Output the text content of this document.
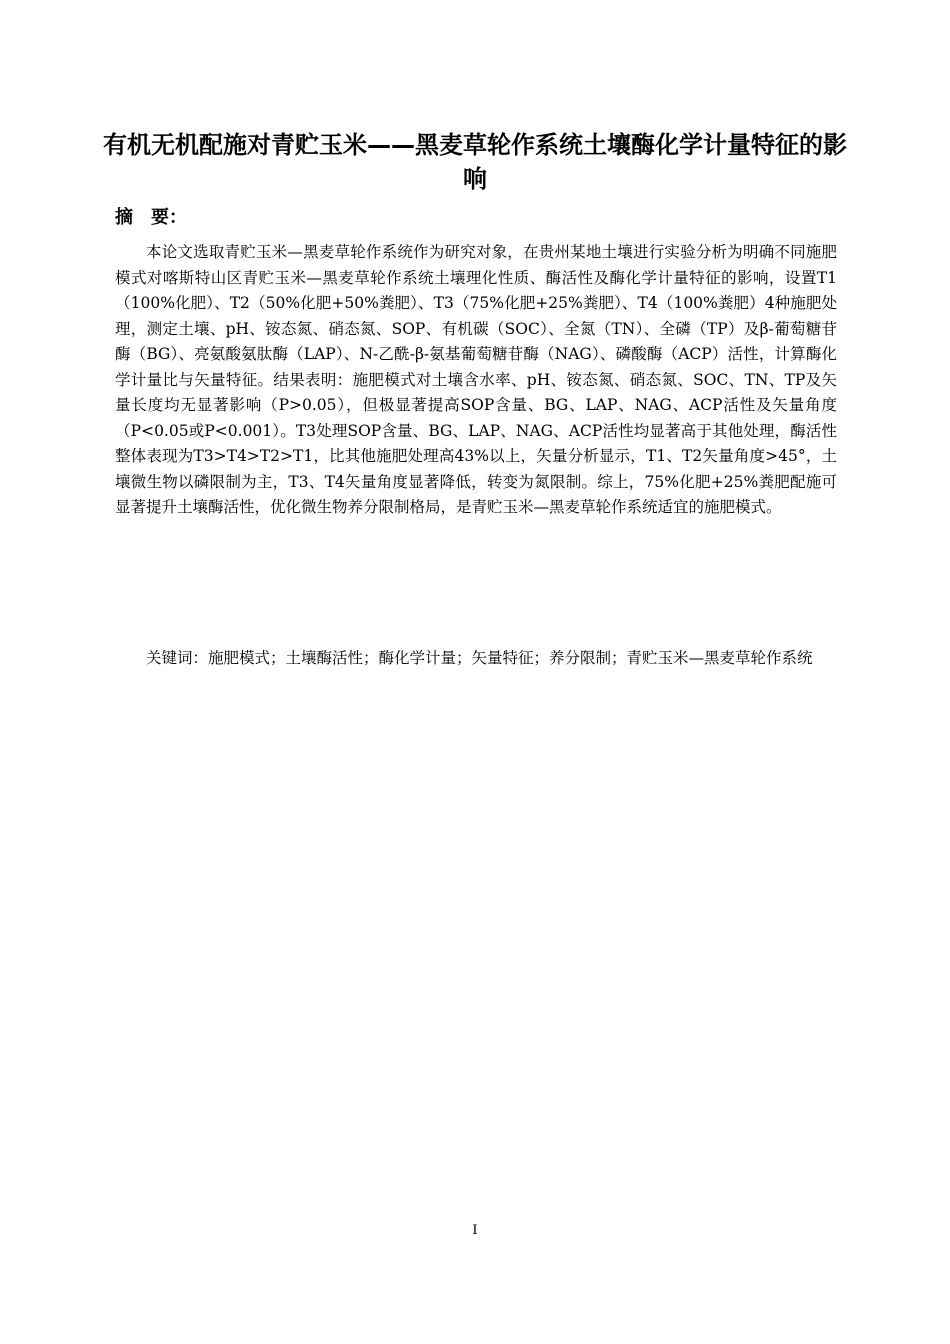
有机无机配施对青贮玉米——黑麦草轮作系统土壤酶化学计量特征的影响
摘　要：

本论文选取青贮玉米—黑麦草轮作系统作为研究对象，在贵州某地土壤进行实验分析为明确不同施肥模式对喀斯特山区青贮玉米—黑麦草轮作系统土壤理化性质、酶活性及酶化学计量特征的影响，设置T1（100%化肥）、T2（50%化肥+50%粪肥）、T3（75%化肥+25%粪肥）、T4（100%粪肥）4种施肥处理，测定土壤、pH、铵态氮、硝态氮、SOP、有机碳（SOC）、全氮（TN）、全磷（TP）及β-葡萄糖苷酶（BG）、亮氨酸氨肽酶（LAP）、N-乙酰-β-氨基葡萄糖苷酶（NAG）、磷酸酶（ACP）活性，计算酶化学计量比与矢量特征。结果表明：施肥模式对土壤含水率、pH、铵态氮、硝态氮、SOC、TN、TP及矢量长度均无显著影响（P>0.05），但极显著提高SOP含量、BG、LAP、NAG、ACP活性及矢量角度（P<0.05或P<0.001）。T3处理SOP含量、BG、LAP、NAG、ACP活性均显著高于其他处理，酶活性整体表现为T3>T4>T2>T1，比其他施肥处理高43%以上，矢量分析显示，T1、T2矢量角度>45°，土壤微生物以磷限制为主，T3、T4矢量角度显著降低，转变为氮限制。综上，75%化肥+25%粪肥配施可显著提升土壤酶活性，优化微生物养分限制格局，是青贮玉米—黑麦草轮作系统适宜的施肥模式。

关键词：施肥模式；土壤酶活性；酶化学计量；矢量特征；养分限制；青贮玉米—黑麦草轮作系统

I
